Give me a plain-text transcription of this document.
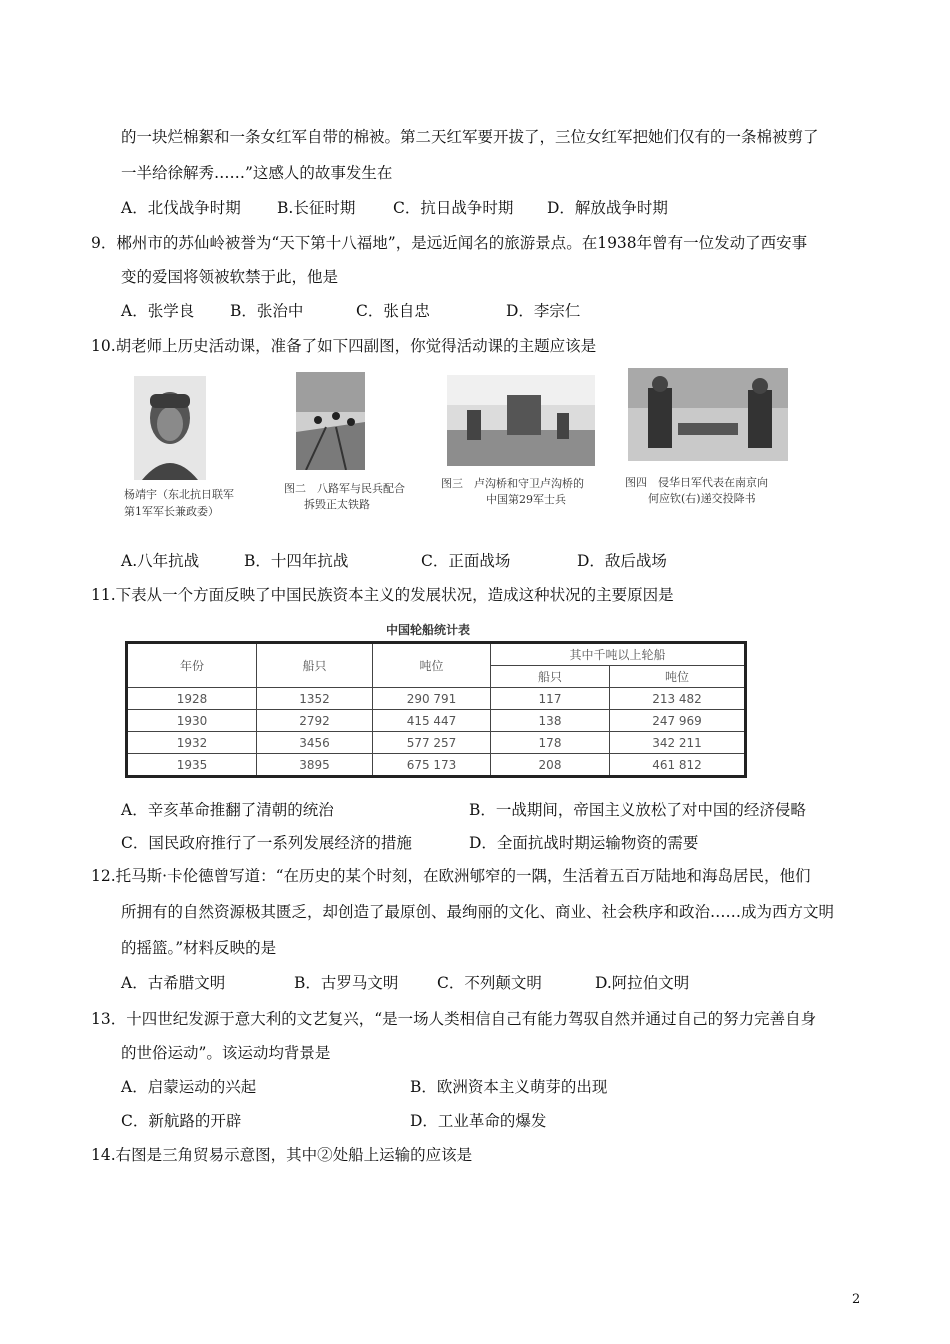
的一块烂棉絮和一条女红军自带的棉被。第二天红军要开拔了，三位女红军把她们仅有的一条棉被剪了
一半给徐解秀……”这感人的故事发生在
A．北伐战争时期 B.长征时期 C．抗日战争时期 D．解放战争时期
9．郴州市的苏仙岭被誉为“天下第十八福地”，是远近闻名的旅游景点。在1938年曾有一位发动了西安事
变的爱国将领被软禁于此，他是
A．张学良 B．张治中	C．张自忠	D．李宗仁
10.胡老师上历史活动课，准备了如下四副图，你觉得活动课的主题应该是
杨靖宇（东北抗日联军
第1军军长兼政委）
图二　八路军与民兵配合
拆毁正太铁路
图三　卢沟桥和守卫卢沟桥的
中国第29军士兵
图四　侵华日军代表在南京向
何应钦(右)递交投降书
A.八年抗战	B．十四年抗战	C．正面战场	D．敌后战场
11.下表从一个方面反映了中国民族资本主义的发展状况，造成这种状况的主要原因是
中国轮船统计表
年份	船只	吨位	其中千吨以上轮船	
			船只	吨位
1928	1352	290 791	117	213 482
1930	2792	415 447	138	247 969
1932	3456	577 257	178	342 211
1935	3895	675 173	208	461 812
A．辛亥革命推翻了清朝的统治	B．一战期间，帝国主义放松了对中国的经济侵略
C．国民政府推行了一系列发展经济的措施	D．全面抗战时期运输物资的需要
12.托马斯·卡伦德曾写道：“在历史的某个时刻，在欧洲郇窄的一隅，生活着五百万陆地和海岛居民，他们
所拥有的自然资源极其匮乏，却创造了最原创、最绚丽的文化、商业、社会秩序和政治……成为西方文明
的摇篮。”材料反映的是
A．古希腊文明	B．古罗马文明 C．不列颠文明	D.阿拉伯文明
13．十四世纪发源于意大利的文艺复兴，“是一场人类相信自己有能力驾驭自然并通过自己的努力完善自身
的世俗运动”。该运动均背景是
A．启蒙运动的兴起	B．欧洲资本主义萌芽的出现
C．新航路的开辟	D．工业革命的爆发
14.右图是三角贸易示意图，其中②处船上运输的应该是
2
